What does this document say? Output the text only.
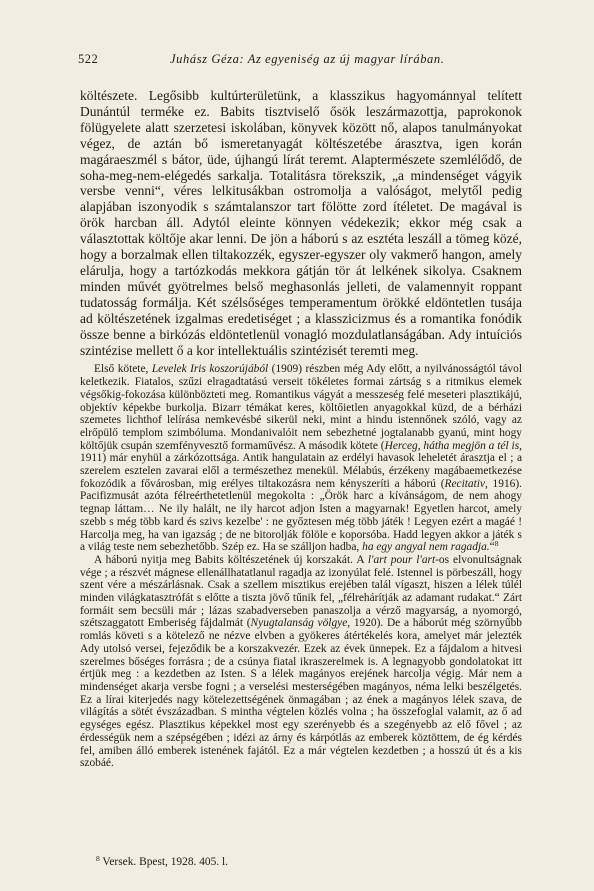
522	Juhász Géza: Az egyeniség az új magyar lírában.

költészete. Legősibb kultúrterületünk, a klasszikus hagyománnyal telített Dunántúl terméke ez. Babits tisztviselő ősök leszármazottja, paprokonok fölügyelete alatt szerzetesi iskolában, könyvek között nő, alapos tanulmányokat végez, de aztán bő ismeretanyagát költészetébe árasztva, igen korán magáraeszmél s bátor, üde, újhangú lírát teremt. Alaptermészete szemlélődő, de soha-meg-nem-elégedés sarkalja. Totalitásra törekszik, „a mindenséget vágyik versbe venni“, véres lelkitusákban ostromolja a valóságot, melytől pedig alapjában iszonyodik s számtalanszor tart fölötte zord ítéletet. De magával is örök harcban áll. Adytól eleinte könnyen védekezik; ekkor még csak a választottak költője akar lenni. De jön a háború s az esztéta leszáll a tömeg közé, hogy a borzalmak ellen tiltakozzék, egyszer-egyszer oly vakmerő hangon, amely elárulja, hogy a tartózkodás mekkora gátján tör át lelkének sikolya. Csaknem minden művét gyötrelmes belső meghasonlás jelleti, de valamennyit roppant tudatosság formálja. Két szélsőséges temperamentum örökké eldöntetlen tusája ad költészetének izgalmas eredetiséget ; a klasszicizmus és a romantika fonódik össze benne a birkózás eldöntetlenül vonagló mozdulatlanságában. Ady intuíciós szintézise mellett ő a kor intellektuális szintézisét teremti meg.

Első kötete, Levelek Iris koszorújából (1909) részben még Ady előtt, a nyilvánosságtól távol keletkezik. Fiatalos, szűzi elragadtatású verseit tökéletes formai zártság s a ritmikus elemek végsőkig-fokozása különbözteti meg. Romantikus vágyát a messzeség felé meseteri plasztikájú, objektív képekbe burkolja. Bizarr témákat keres, költőietlen anyagokkal küzd, de a bérházi szemetes lichthof lelírása nemkevésbé sikerül neki, mint a hindu istennőnek szóló, vagy az elrőpülő templom szimbóluma. Mondanivalóit nem sebezhetné jogtalanabb gyanú, mint hogy költőjük csupán szemfényvesztő formaművész. A második kötete (Herceg, hátha megjön a tél is, 1911) már enyhül a zárkózottsága. Antik hangulatain az erdélyi havasok leheletét árasztja el ; a szerelem esztelen zavarai elől a természethez menekül. Mélabús, érzékeny magábaemetkezése fokozódik a fővárosban, mig erélyes tiltakozásra nem kényszeríti a háború (Recitativ, 1916). Pacifizmusát azóta félreérthetetlenül megokolta : „Örök harc a kívánságom, de nem ahogy tegnap láttam… Ne ily halált, ne ily harcot adjon Isten a magyarnak! Egyetlen harcot, amely szebb s még több kard és szivs kezelbe' : ne győztesen még több játék ! Legyen ezért a magáé ! Harcolja meg, ha van igazság ; de ne bitorolják fölöle e koporsóba. Hadd legyen akkor a játék s a világ teste nem sebezhetőbb. Szép ez. Ha se szálljon hadba, ha egy angyal nem ragadja.“$^8$

A háború nyitja meg Babits költészetének új korszakát. A l'art pour l'art-os elvonultságnak vége ; a részvét mágnese ellenállhatatlanul ragadja az izonyúlat felé. Istennel is pörbeszáll, hogy szent vére a mészárlásnak. Csak a szellem misztikus erejében talál vígaszt, hiszen a lélek túlél minden világkatasztrófát s előtte a tiszta jövő tűnik fel, „félrehárítják az adamant rudakat.“ Zárt formáit sem becsüli már ; lázas szabadverseben panaszolja a vérző magyarság, a nyomorgó, szétszaggatott Emberiség fájdalmát (Nyugtalanság völgye, 1920). De a háborút még szörnyűbb romlás követi s a kötelező ne nézve elvben a gyökeres átértékelés kora, amelyet már jelezték Ady utolsó versei, fejeződik be a korszakvezér. Ezek az évek ünnepek. Ez a fájdalom a hitvesi szerelmes bőséges forrásra ; de a csúnya fiatal ikraszerelmek is. A legnagyobb gondolatokat itt értjük meg : a kezdetben az Isten. S a lélek magányos erejének harcolja végig. Már nem a mindenséget akarja versbe fogni ; a verselési mesterségében magányos, néma lelki beszélgetés. Ez a lírai kiterjedés nagy kötelezettségének önmagában ; az ének a magányos lélek szava, de világítás a sötét évszázadban. S mintha végtelen közlés volna ; ha összefoglal valamit, az ő ad egységes egész. Plasztikus képekkel most egy szerényebb és a szegényebb az elő fővel ; az érdességük nem a szépségében ; idézi az árny és kárpótlás az emberek köztöttem, de ég kérdés fel, amiben álló emberek istenének fajától. Ez a már végtelen kezdetben ; a hosszú út és a kis szobáé.

$^8$ Versek. Bpest, 1928. 405. l.
